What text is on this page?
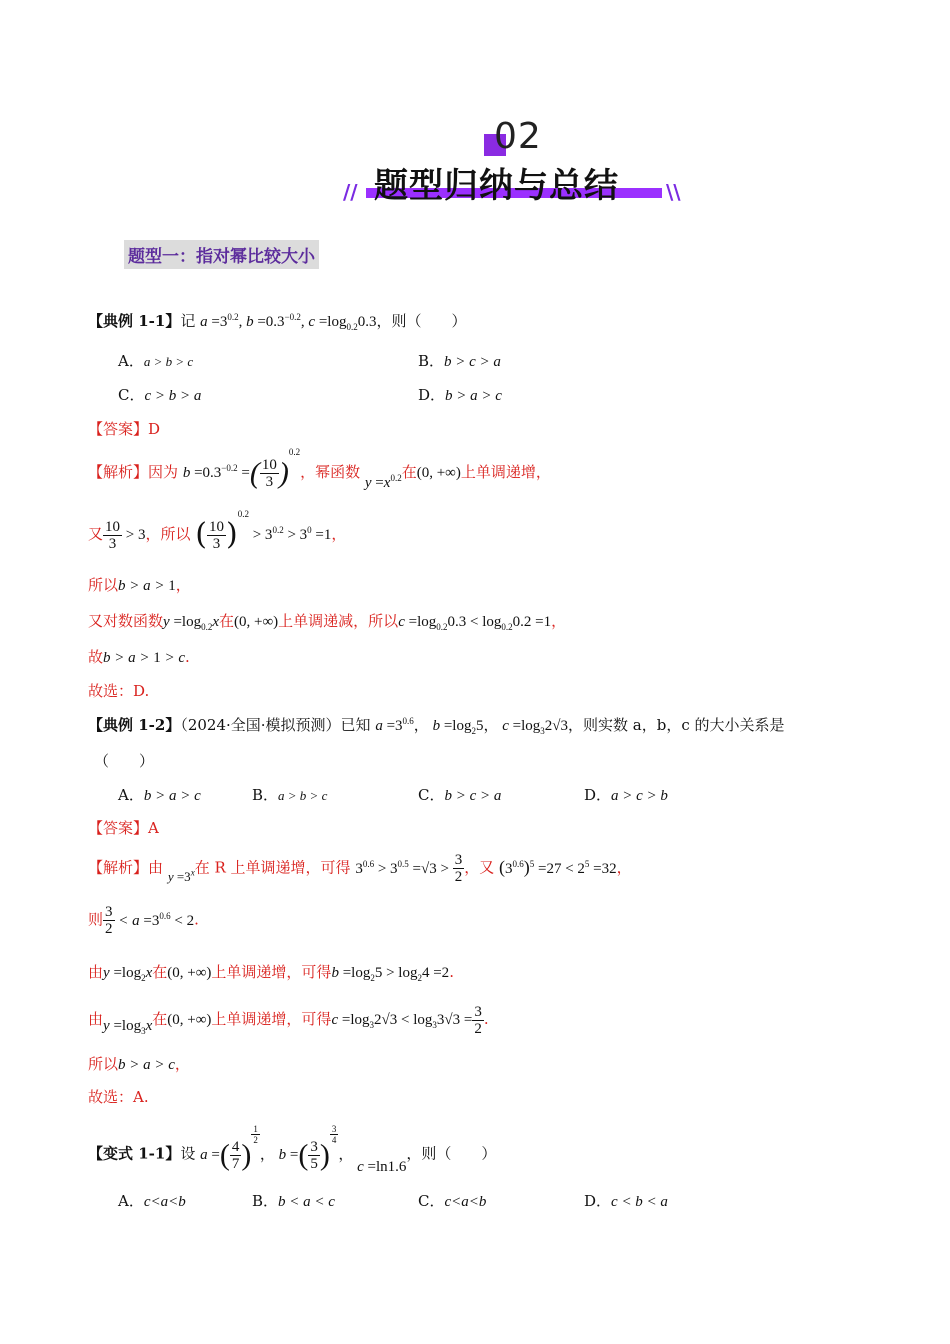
02
题型归纳与总结
//	\\
题型一：指对幂比较大小
【典例 1-1】记 $a =3^{0.2}$, $b =0.3^{-0.2}$, $c =\log_{0.2}0.3$，则（　　）
A．a > b > c	B．b > c > a
C．c > b > a	D．b > a > c
【答案】D
【解析】因为 $b =0.3^{-0.2}$ =( $\frac{10}{3} )^{0.2}$，幂函数 $y =x^{0.2}$在(0, +∞)上单调递增，
又 $\frac{10}{3} > 3$，所以 ( $\frac{10}{3} )^{0.2} > 3^{0.2} > 3^0 =1$，
所以b > a > 1，
又对数函数$y =\log_{0.2}x$在(0, +∞)上单调递减，所以$c =\log_{0.2}0.3 < \log_{0.2}0.2 =1$，
故b > a > 1 > c.
故选：D.
【典例 1-2】（2024·全国·模拟预测）已知 $a =3^{0.6}$， $b =\log_25$， $c =\log_32√3$，则实数 a，b，c 的大小关系是
（　　）
A．b > a > c	B．a > b > c	C．b > c > a	D．a > c > b
【答案】A
【解析】由 $y =3^x$在 R 上单调递增，可得 $3^{0.6} > 3^{0.5} =√3 > \frac{3}{2}$ ，又 $(3^{0.6})^5 =27 < 2^5 =32$，
则 $\frac{3}{2} < a =3^{0.6} < 2$.
由$y =\log_2x$在(0, +∞)上单调递增，可得$b =\log_25 > \log_24 =2$.
由$y =\log_3x$在(0, +∞)上单调递增，可得$c =\log_32√3 < \log_33√3 = \frac{3}{2}$ .
所以b > a > c，
故选：A.
【变式 1-1】设 a =( $\frac{4}{7}$ )
$^{\frac{1}{2}}$
， b =( $\frac{3}{5}$ )
$^{\frac{3}{4}}$
， c =ln1.6，则（　　）
A．c<a<b	B．b < a < c	C．c<a<b	D．c < b < a
